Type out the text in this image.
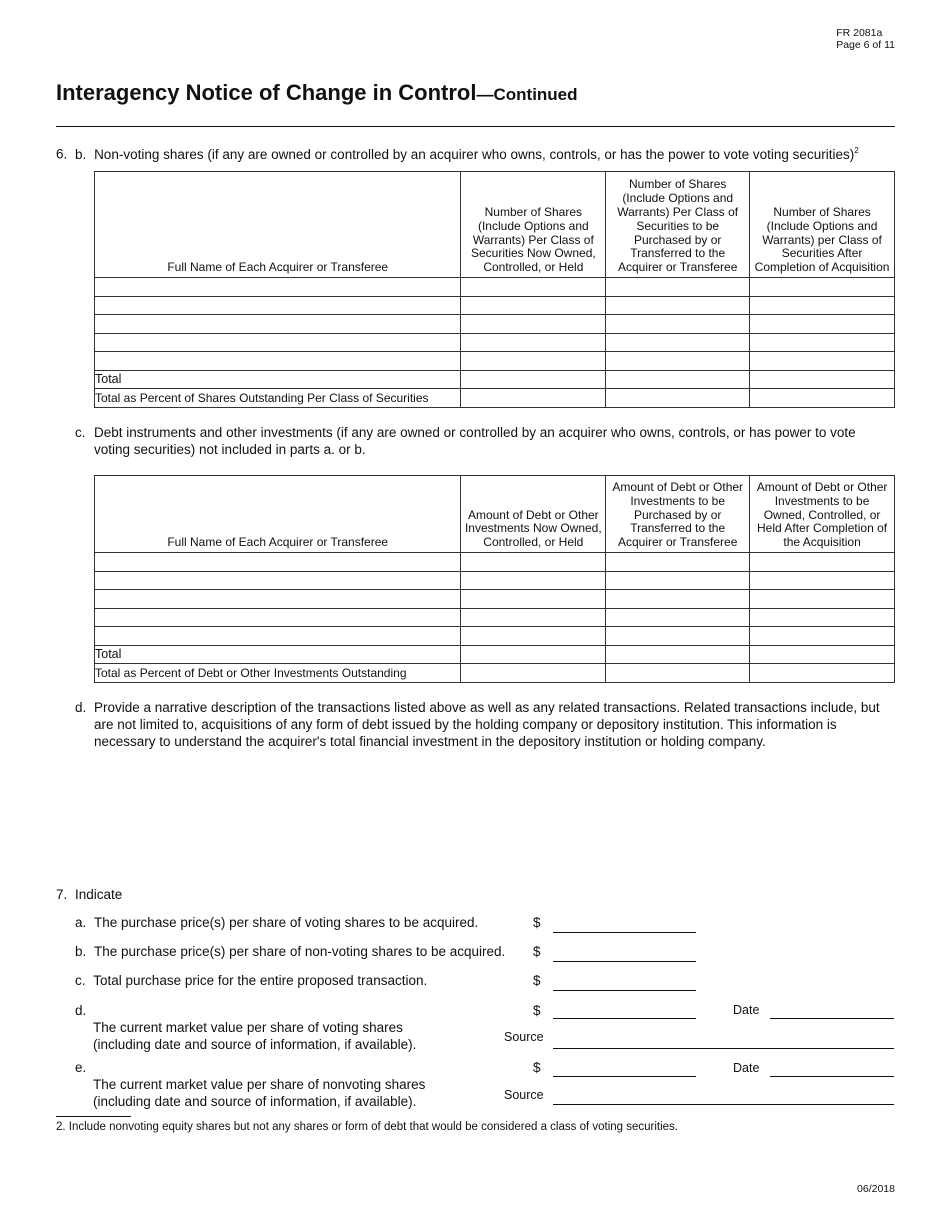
FR 2081a
Page 6 of 11
Interagency Notice of Change in Control—Continued
6. b. Non-voting shares (if any are owned or controlled by an acquirer who owns, controls, or has the power to vote voting securities)$^2$
Full Name of Each Acquirer or Transferee	Number of Shares (Include Options and Warrants) Per Class of Securities Now Owned, Controlled, or Held	Number of Shares (Include Options and Warrants) Per Class of Securities to be Purchased by or Transferred to the Acquirer or Transferee	Number of Shares (Include Options and Warrants) per Class of Securities After Completion of Acquisition

Total			
Total as Percent of Shares Outstanding Per Class of Securities			
c. Debt instruments and other investments (if any are owned or controlled by an acquirer who owns, controls, or has power to vote voting securities) not included in parts a. or b.
Full Name of Each Acquirer or Transferee	Amount of Debt or Other Investments Now Owned, Controlled, or Held	Amount of Debt or Other Investments to be Purchased by or Transferred to the Acquirer or Transferee	Amount of Debt or Other Investments to be Owned, Controlled, or Held After Completion of the Acquisition

Total			
Total as Percent of Debt or Other Investments Outstanding			
d. Provide a narrative description of the transactions listed above as well as any related transactions. Related transactions include, but are not limited to, acquisitions of any form of debt issued by the holding company or depository institution. This information is necessary to understand the acquirer's total financial investment in the depository institution or holding company.
7. Indicate
a. The purchase price(s) per share of voting shares to be acquired.	$
b. The purchase price(s) per share of non-voting shares to be acquired. $
c. Total purchase price for the entire proposed transaction.	$
d.
The current market value per share of voting shares
(including date and source of information, if available).
$	Date
Source
e.
The current market value per share of nonvoting shares
(including date and source of information, if available).
$	Date
Source
2. Include nonvoting equity shares but not any shares or form of debt that would be considered a class of voting securities.
06/2018
